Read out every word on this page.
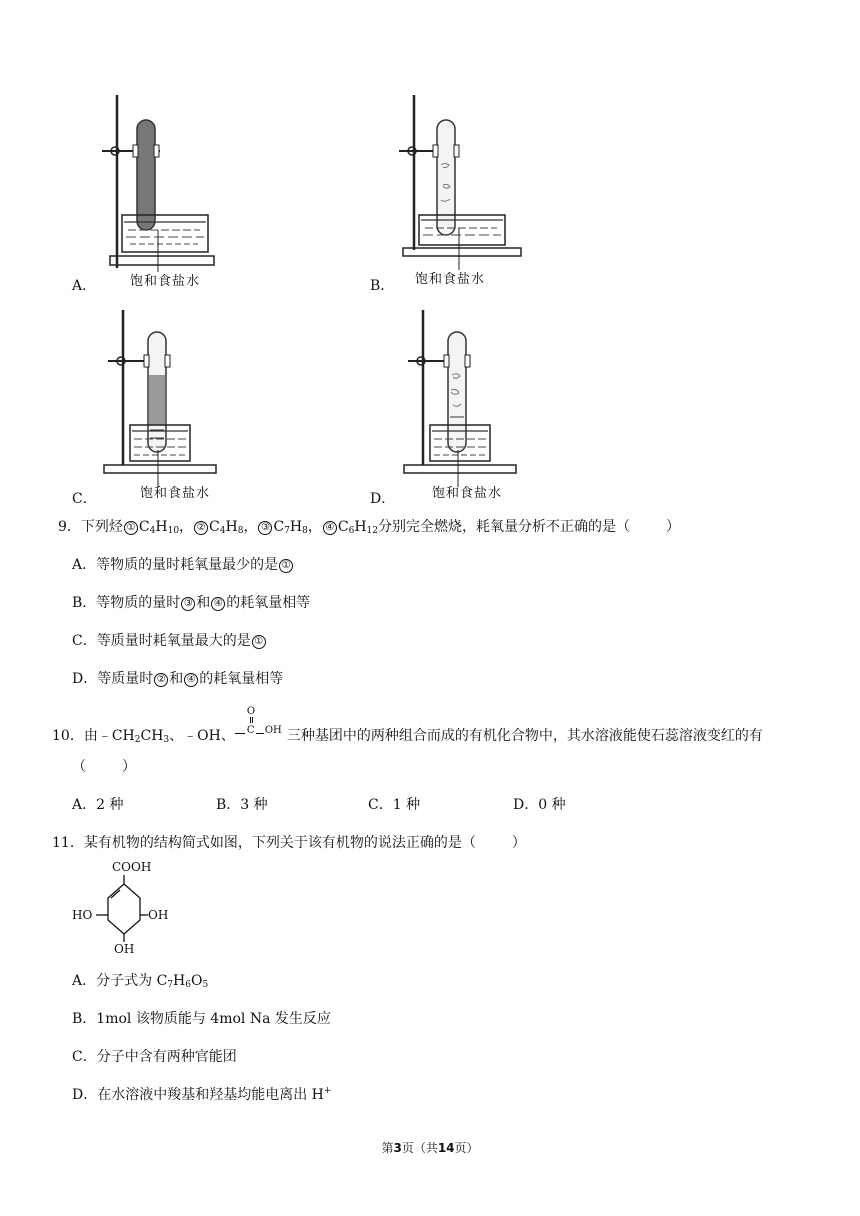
A．	饱和食盐水	B． 饱和食盐水
C．	饱和食盐水	D．	饱和食盐水
9．下列烃 ① $C_4H_{10}$， ② $C_4H_8$， ③ $C_7H_8$， ④ $C_6H_{12}$分别完全燃烧，耗氧量分析不正确的是（	）
A．等物质的量时耗氧量最少的是 ①
B．等物质的量时 ③ 和 ④ 的耗氧量相等
C．等质量时耗氧量最大的是 ①
D．等质量时 ② 和 ④ 的耗氧量相等
10．由$﹣CH_2CH_3$、﹣OH、
O
C OH 三种基团中的两种组合而成的有机化合物中，其水溶液能使石蕊溶液变红的有
（	）
A．2 种	B．3 种	C．1 种	D．0 种
11．某有机物的结构简式如图，下列关于该有机物的说法正确的是（	）
COOH
HO	OH
OH
A．分子式为 $C_7H_6O_5$
B．1mol 该物质能与 4mol Na 发生反应
C．分子中含有两种官能团
D．在水溶液中羧基和羟基均能电离出 H+
第3页（共14页）
